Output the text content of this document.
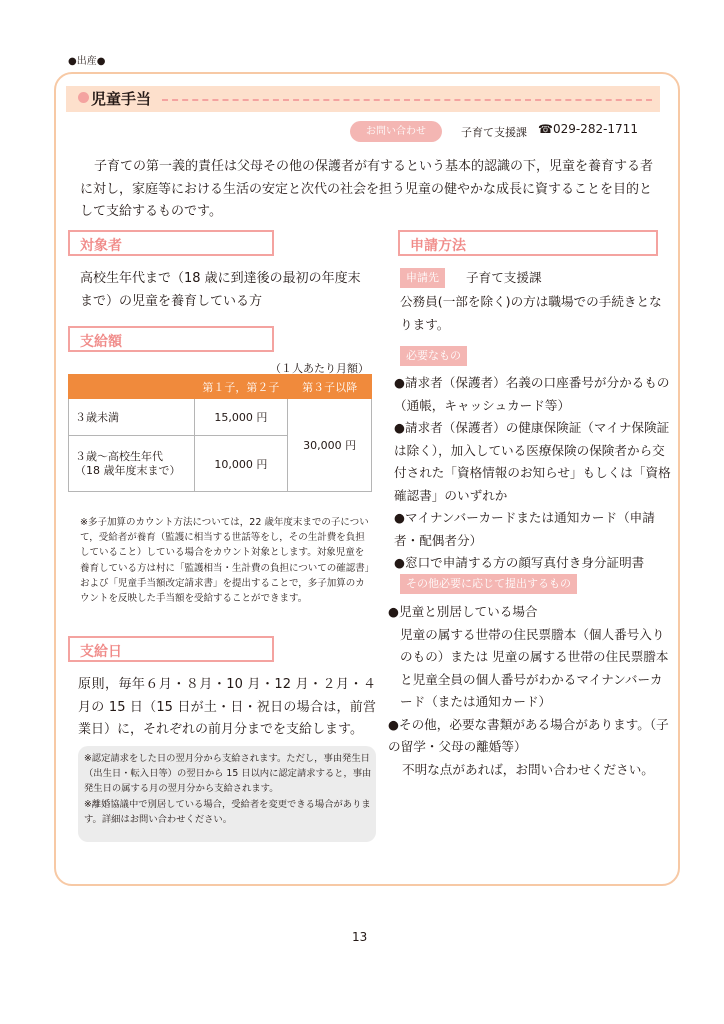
●出産●
児童手当
お問い合わせ	子育て支援課 ☎029-282-1711

子育ての第一義的責任は父母その他の保護者が有するという基本的認識の下，児童を養育する者に対し，家庭等における生活の安定と次代の社会を担う児童の健やかな成長に資することを目的として支給するものです。

対象者

高校生年代まで（18 歳に到達後の最初の年度末まで）の児童を養育している方

支給額
（１人あたり月額）
	第１子，第２子	第３子以降
３歳未満	15,000 円	30,000 円

３歳～高校生年代
（18 歳年度末まで）	10,000 円	

※多子加算のカウント方法については，22 歳年度末までの子について，受給者が養育（監護に相当する世話等をし，その生計費を負担していること）している場合をカウント対象とします。対象児童を養育している方は村に「監護相当・生計費の負担についての確認書」および「児童手当額改定請求書」を提出することで，多子加算のカウントを反映した手当額を受給することができます。

支給日

原則，毎年６月・８月・10 月・12 月・２月・４月の 15 日（15 日が土・日・祝日の場合は，前営業日）に，それぞれの前月分までを支給します。

※認定請求をした日の翌月分から支給されます。ただし，事由発生日（出生日・転入日等）の翌日から 15 日以内に認定請求すると，事由発生日の属する月の翌月分から支給されます。

※離婚協議中で別居している場合，受給者を変更できる場合があります。詳細はお問い合わせください。

申請方法
申請先	子育て支援課

公務員(一部を除く)の方は職場での手続きとなります。

必要なもの

●請求者（保護者）名義の口座番号が分かるもの（通帳，キャッシュカード等）

●請求者（保護者）の健康保険証（マイナ保険証は除く），加入している医療保険の保険者から交付された「資格情報のお知らせ」もしくは「資格確認書」のいずれか

●マイナンバーカードまたは通知カード（申請者・配偶者分）

●窓口で申請する方の顔写真付き身分証明書

その他必要に応じて提出するもの

●児童と別居している場合

児童の属する世帯の住民票謄本（個人番号入りのもの）または 児童の属する世帯の住民票謄本と児童全員の個人番号がわかるマイナンバーカード（または通知カード）

●その他，必要な書類がある場合があります。（子の留学・父母の離婚等）

不明な点があれば，お問い合わせください。

13
